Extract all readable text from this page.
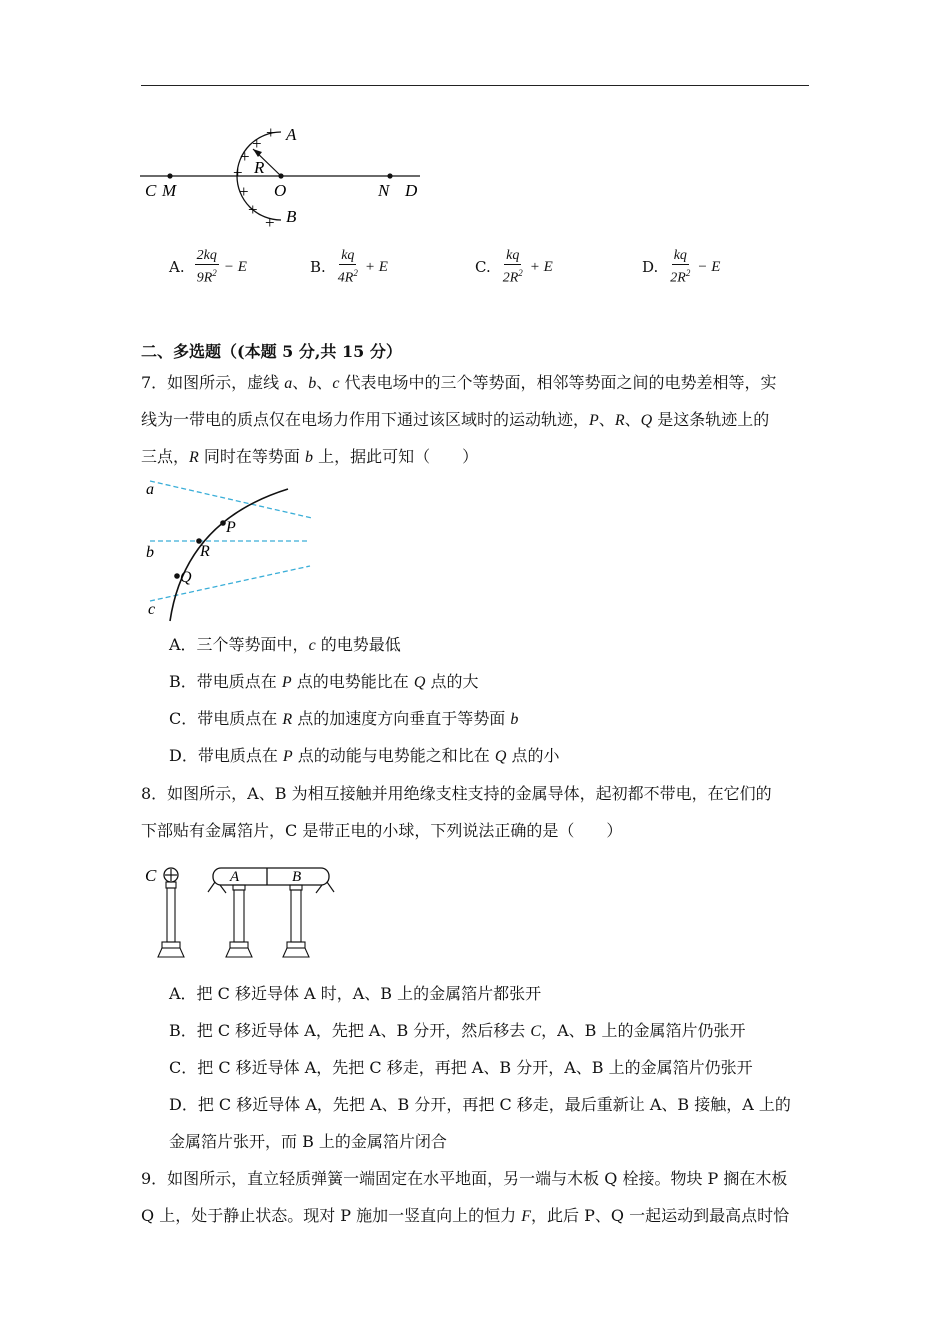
+
+
+
+
+
+
+
A
B
R
C M	O	N D
A. $\frac{2kq}{9R^2} - E$	B. $\frac{kq}{4R^2} + E$	C. $\frac{kq}{2R^2} + E$	D. $\frac{kq}{2R^2} - E$
二、多选题（(本题 5 分,共 15 分）
7．如图所示，虚线 a、b、c 代表电场中的三个等势面，相邻等势面之间的电势差相等，实
线为一带电的质点仅在电场力作用下通过该区域时的运动轨迹，P、R、Q 是这条轨迹上的
三点，R 同时在等势面 b 上，据此可知（　　）
a
b
c
P
R
Q
A．三个等势面中，c 的电势最低
B．带电质点在 P 点的电势能比在 Q 点的大
C．带电质点在 R 点的加速度方向垂直于等势面 b
D．带电质点在 P 点的动能与电势能之和比在 Q 点的小
8．如图所示，A、B 为相互接触并用绝缘支柱支持的金属导体，起初都不带电，在它们的
下部贴有金属箔片，C 是带正电的小球，下列说法正确的是（　　）
C	A	B
A．把 C 移近导体 A 时，A、B 上的金属箔片都张开
B．把 C 移近导体 A，先把 A、B 分开，然后移去 C，A、B 上的金属箔片仍张开
C．把 C 移近导体 A，先把 C 移走，再把 A、B 分开，A、B 上的金属箔片仍张开
D．把 C 移近导体 A，先把 A、B 分开，再把 C 移走，最后重新让 A、B 接触，A 上的
金属箔片张开，而 B 上的金属箔片闭合
9．如图所示，直立轻质弹簧一端固定在水平地面，另一端与木板 Q 栓接。物块 P 搁在木板
Q 上，处于静止状态。现对 P 施加一竖直向上的恒力 F，此后 P、Q 一起运动到最高点时恰
